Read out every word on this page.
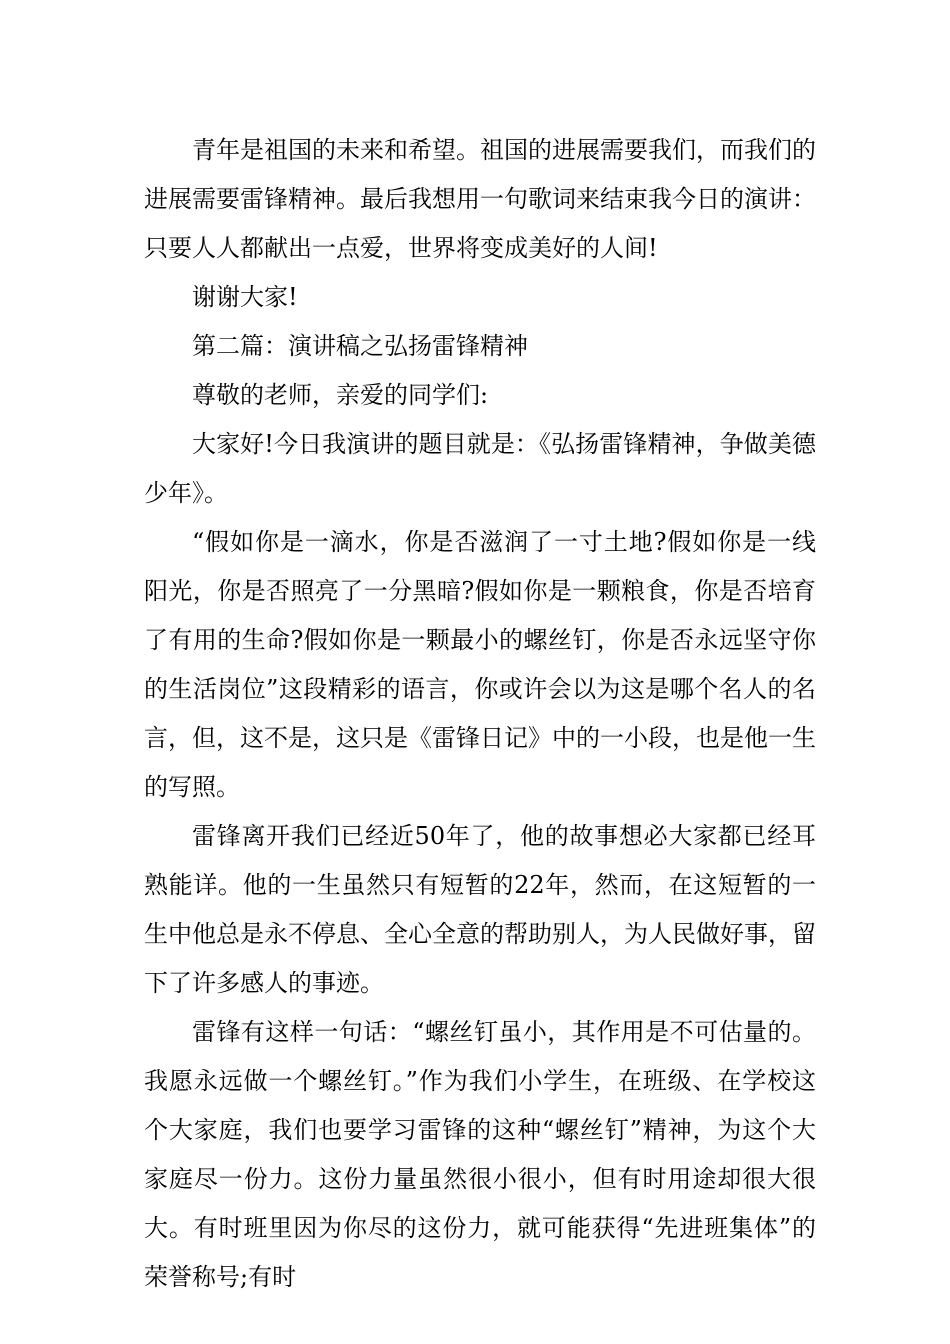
青年是祖国的未来和希望。祖国的进展需要我们，而我们的进展需要雷锋精神。最后我想用一句歌词来结束我今日的演讲：只要人人都献出一点爱，世界将变成美好的人间!

谢谢大家!

第二篇：演讲稿之弘扬雷锋精神

尊敬的老师，亲爱的同学们:

大家好!今日我演讲的题目就是：《弘扬雷锋精神，争做美德少年》。

“假如你是一滴水，你是否滋润了一寸土地?假如你是一线阳光，你是否照亮了一分黑暗?假如你是一颗粮食，你是否培育了有用的生命?假如你是一颗最小的螺丝钉，你是否永远坚守你的生活岗位”这段精彩的语言，你或许会以为这是哪个名人的名言，但，这不是，这只是《雷锋日记》中的一小段，也是他一生的写照。

雷锋离开我们已经近50年了，他的故事想必大家都已经耳熟能详。他的一生虽然只有短暂的22年，然而，在这短暂的一生中他总是永不停息、全心全意的帮助别人，为人民做好事，留下了许多感人的事迹。

雷锋有这样一句话：“螺丝钉虽小，其作用是不可估量的。我愿永远做一个螺丝钉。”作为我们小学生，在班级、在学校这个大家庭，我们也要学习雷锋的这种“螺丝钉”精神，为这个大家庭尽一份力。这份力量虽然很小很小，但有时用途却很大很大。有时班里因为你尽的这份力，就可能获得“先进班集体”的荣誉称号;有时
